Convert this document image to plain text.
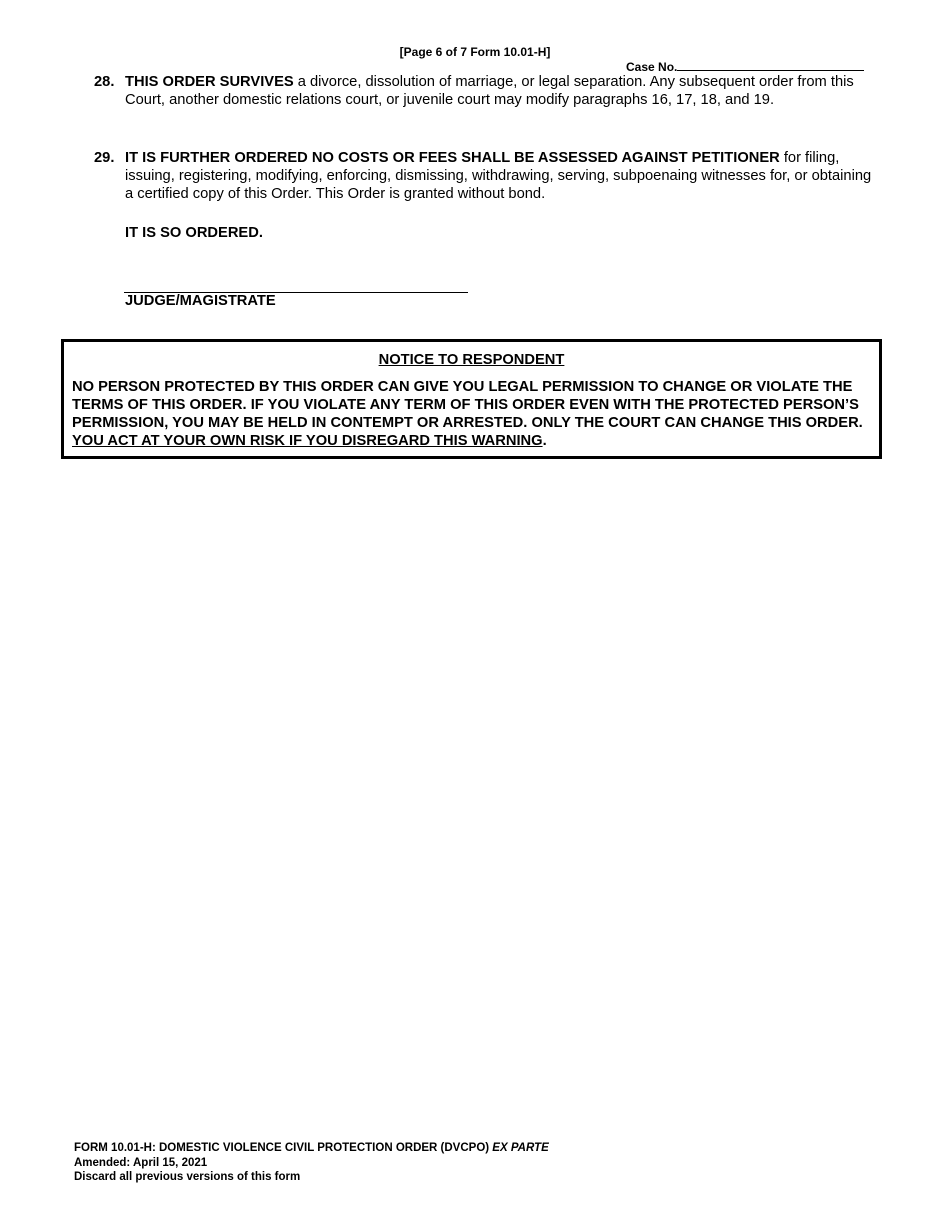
[Page 6 of 7 Form 10.01-H]
Case No.
28. THIS ORDER SURVIVES a divorce, dissolution of marriage, or legal separation. Any subsequent order from this Court, another domestic relations court, or juvenile court may modify paragraphs 16, 17, 18, and 19.
29. IT IS FURTHER ORDERED NO COSTS OR FEES SHALL BE ASSESSED AGAINST PETITIONER for filing, issuing, registering, modifying, enforcing, dismissing, withdrawing, serving, subpoenaing witnesses for, or obtaining a certified copy of this Order. This Order is granted without bond.
IT IS SO ORDERED.
JUDGE/MAGISTRATE
NOTICE TO RESPONDENT
NO PERSON PROTECTED BY THIS ORDER CAN GIVE YOU LEGAL PERMISSION TO CHANGE OR VIOLATE THE TERMS OF THIS ORDER. IF YOU VIOLATE ANY TERM OF THIS ORDER EVEN WITH THE PROTECTED PERSON’S PERMISSION, YOU MAY BE HELD IN CONTEMPT OR ARRESTED. ONLY THE COURT CAN CHANGE THIS ORDER. YOU ACT AT YOUR OWN RISK IF YOU DISREGARD THIS WARNING.
FORM 10.01-H: DOMESTIC VIOLENCE CIVIL PROTECTION ORDER (DVCPO) EX PARTE
Amended: April 15, 2021
Discard all previous versions of this form
